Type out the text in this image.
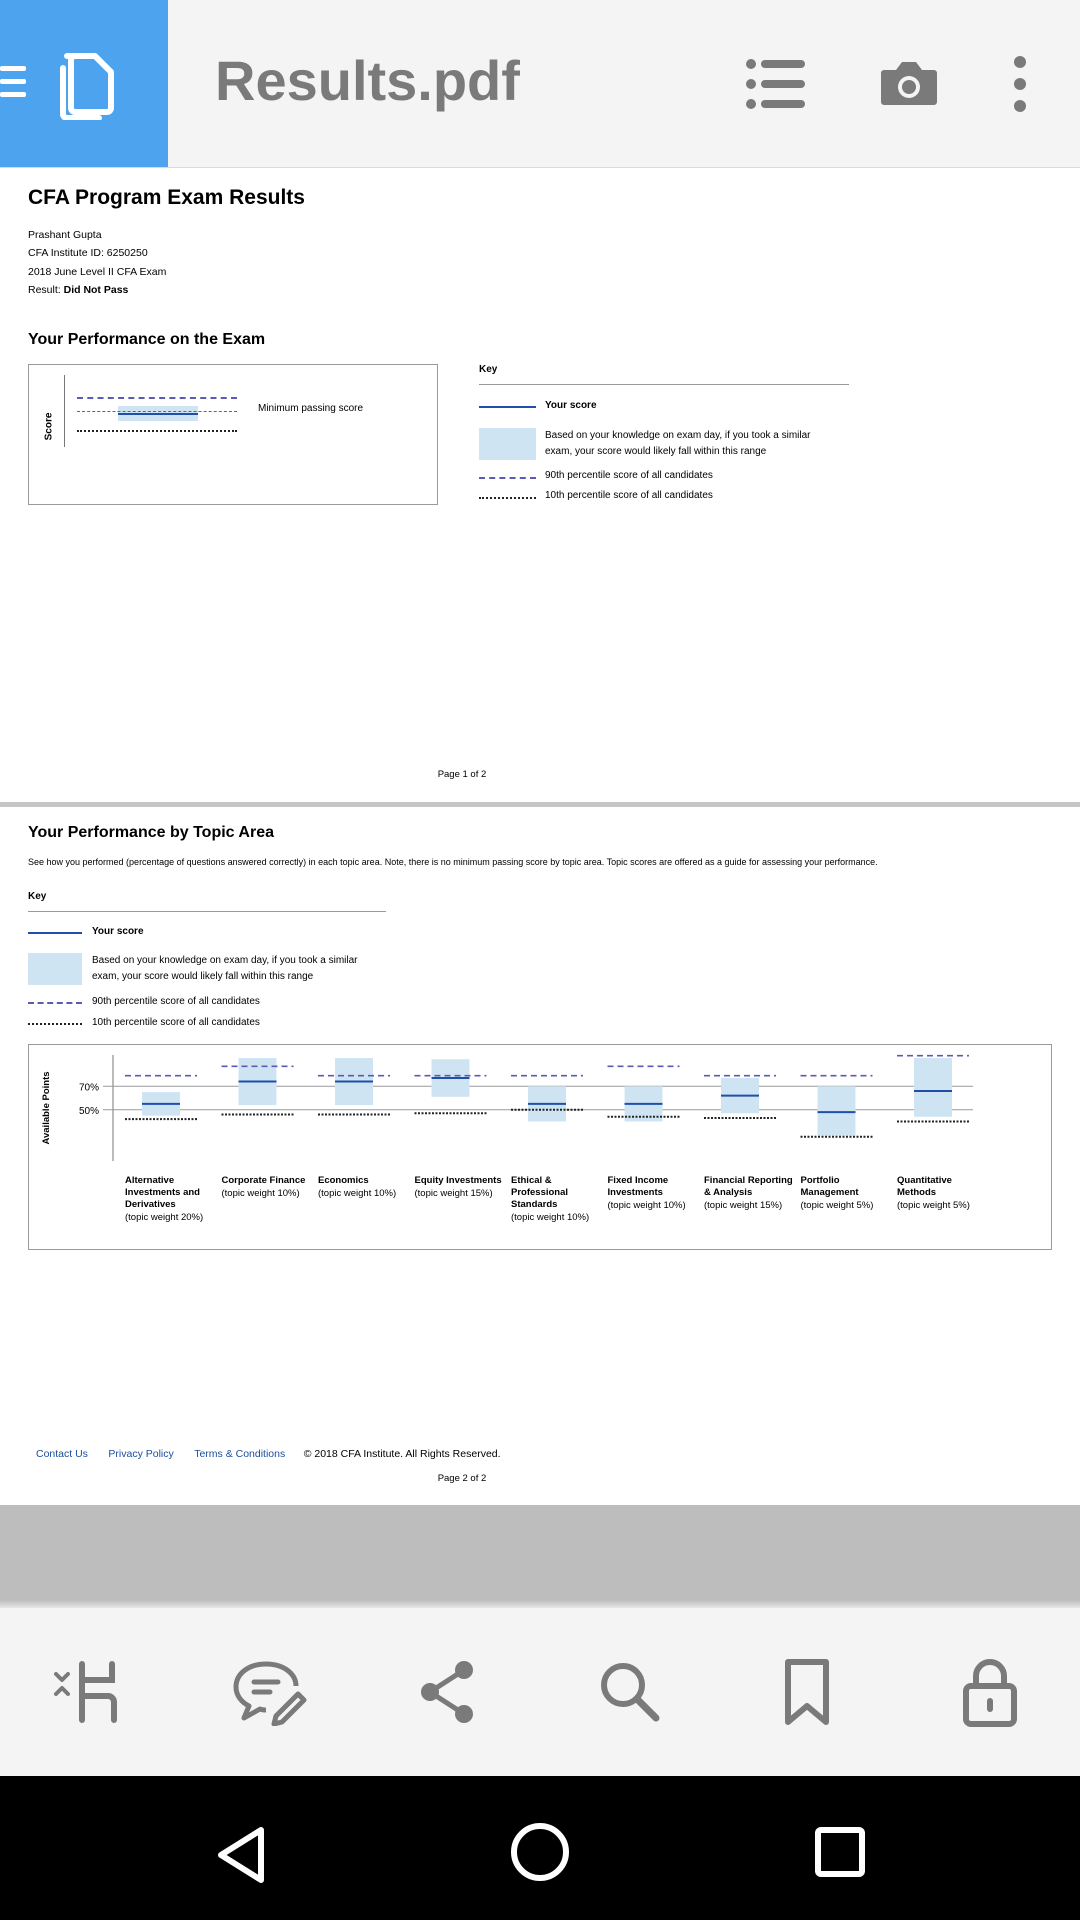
Results.pdf
CFA Program Exam Results
Prashant Gupta
CFA Institute ID: 6250250
2018 June Level II CFA Exam
Result: Did Not Pass
Your Performance on the Exam
Score
Minimum passing score
Key
Your score
Based on your knowledge on exam day, if you took a similar
exam, your score would likely fall within this range
90th percentile score of all candidates
10th percentile score of all candidates
Page 1 of 2
Your Performance by Topic Area
See how you performed (percentage of questions answered correctly) in each topic area. Note, there is no minimum passing score by topic area. Topic scores are offered as a guide for assessing your performance.
Key
Your score
Based on your knowledge on exam day, if you took a similar
exam, your score would likely fall within this range
90th percentile score of all candidates
10th percentile score of all candidates
Available Points	70%
50%
Alternative
Investments and
Derivatives
(topic weight 20%)
Corporate Finance
(topic weight 10%)
Economics
(topic weight 10%)
Equity Investments
(topic weight 15%)
Ethical &
Professional
Standards
(topic weight 10%)
Fixed Income
Investments
(topic weight 10%)
Financial Reporting
& Analysis
(topic weight 15%)
Portfolio
Management
(topic weight 5%)
Quantitative
Methods
(topic weight 5%)
Contact Us Privacy Policy Terms & Conditions © 2018 CFA Institute. All Rights Reserved.
Page 2 of 2
